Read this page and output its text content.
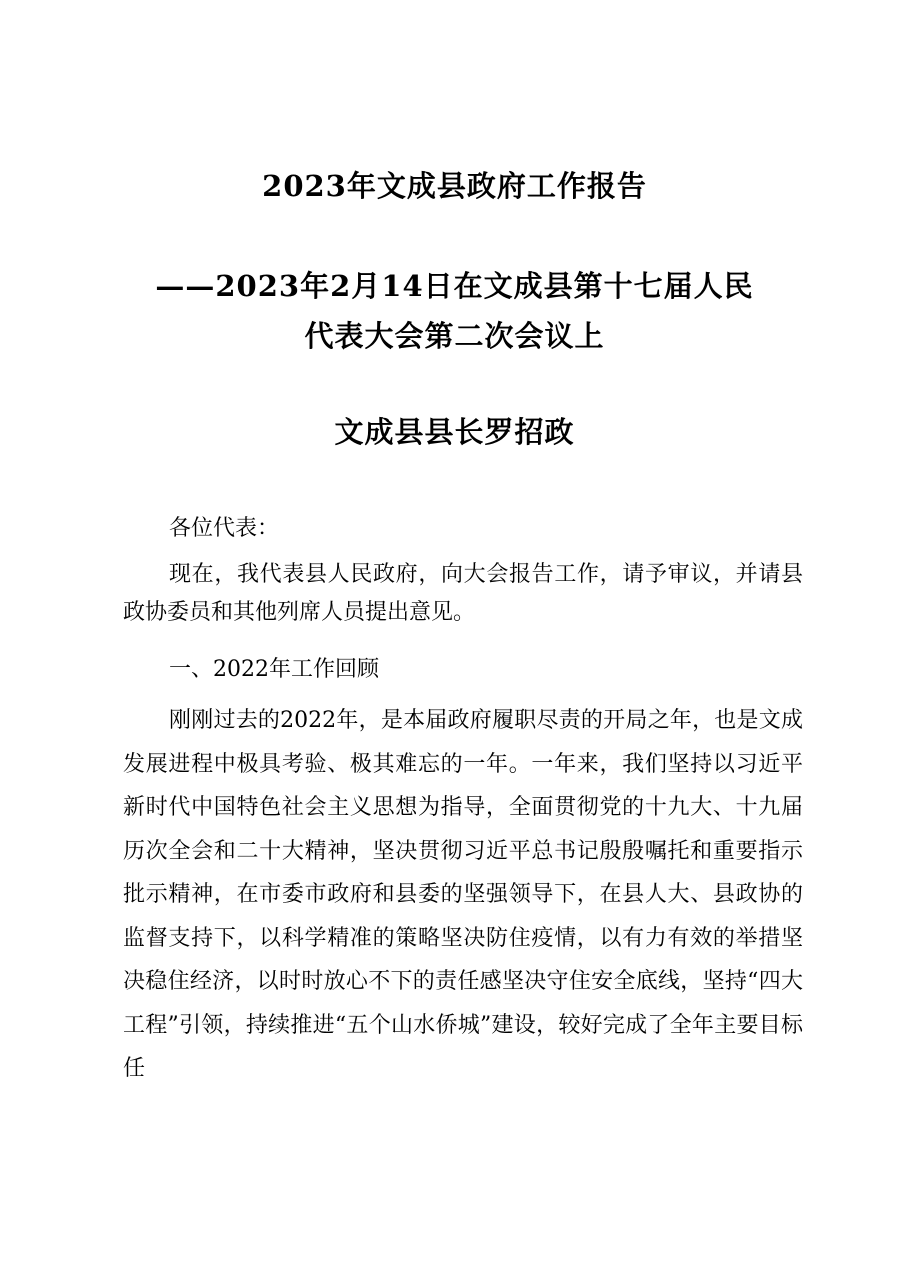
2023年文成县政府工作报告
——2023年2月14日在文成县第十七届人民
代表大会第二次会议上
文成县县长罗招政

各位代表：

现在，我代表县人民政府，向大会报告工作，请予审议，并请县政协委员和其他列席人员提出意见。

一、2022年工作回顾

刚刚过去的2022年，是本届政府履职尽责的开局之年，也是文成发展进程中极具考验、极其难忘的一年。一年来，我们坚持以习近平新时代中国特色社会主义思想为指导，全面贯彻党的十九大、十九届历次全会和二十大精神，坚决贯彻习近平总书记殷殷嘱托和重要指示批示精神，在市委市政府和县委的坚强领导下，在县人大、县政协的监督支持下，以科学精准的策略坚决防住疫情，以有力有效的举措坚决稳住经济，以时时放心不下的责任感坚决守住安全底线，坚持“四大工程”引领，持续推进“五个山水侨城”建设，较好完成了全年主要目标任
